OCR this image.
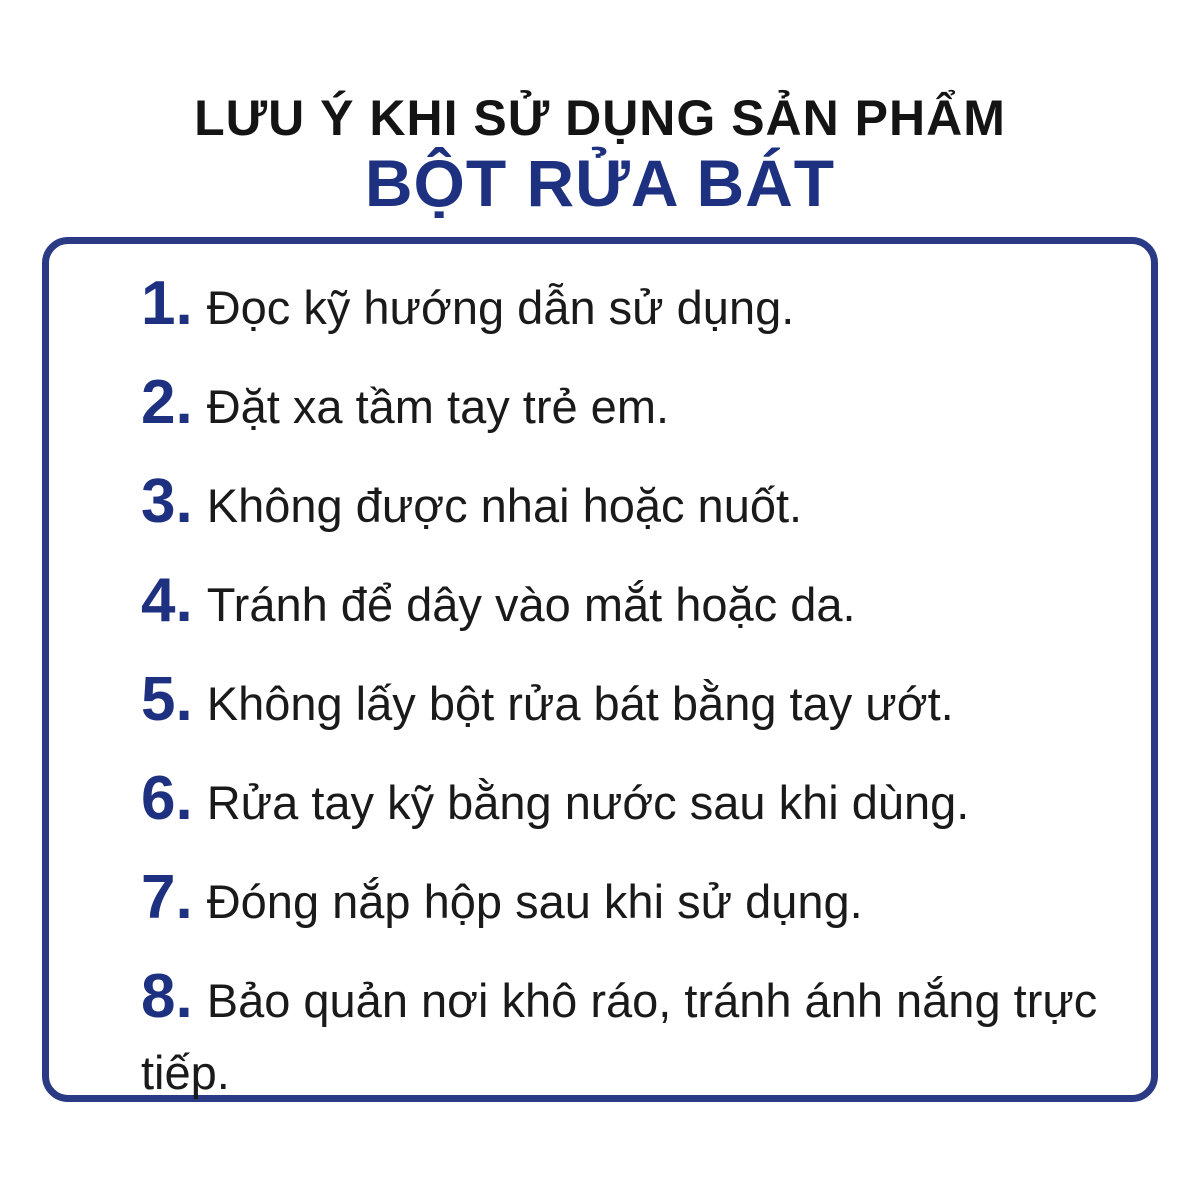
LƯU Ý KHI SỬ DỤNG SẢN PHẨM
BỘT RỬA BÁT

1. Đọc kỹ hướng dẫn sử dụng.

2. Đặt xa tầm tay trẻ em.

3. Không được nhai hoặc nuốt.

4. Tránh để dây vào mắt hoặc da.

5. Không lấy bột rửa bát bằng tay ướt.

6. Rửa tay kỹ bằng nước sau khi dùng.

7. Đóng nắp hộp sau khi sử dụng.

8. Bảo quản nơi khô ráo, tránh ánh nắng trực tiếp.
